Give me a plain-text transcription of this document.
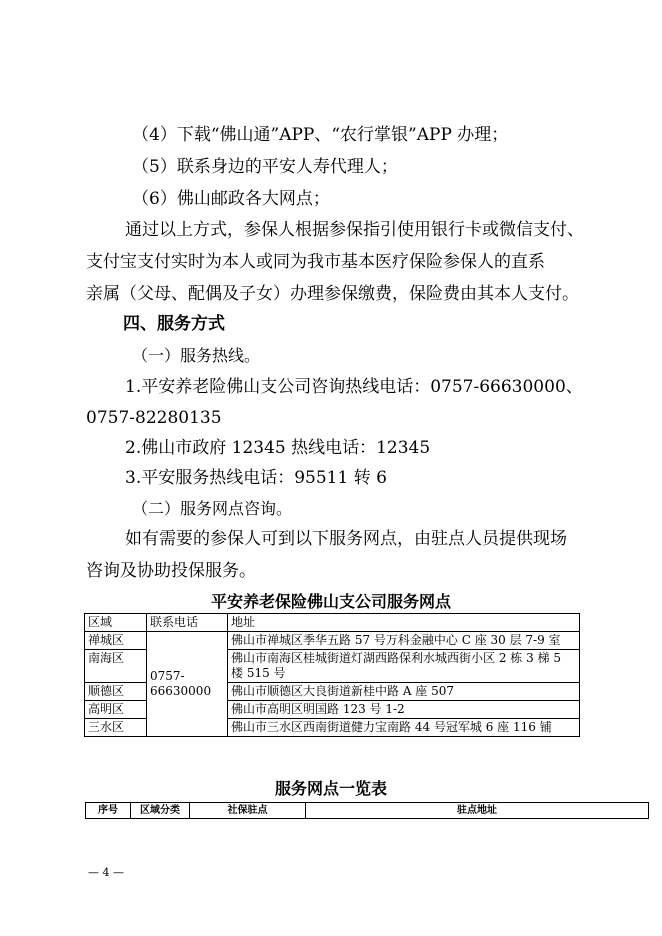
（4）下载“佛山通”APP、“农行掌银”APP 办理；
（5）联系身边的平安人寿代理人；
（6）佛山邮政各大网点；
通过以上方式，参保人根据参保指引使用银行卡或微信支付、
支付宝支付实时为本人或同为我市基本医疗保险参保人的直系
亲属（父母、配偶及子女）办理参保缴费，保险费由其本人支付。
四、服务方式
（一）服务热线。
1.平安养老险佛山支公司咨询热线电话：0757-66630000、
0757-82280135
2.佛山市政府 12345 热线电话：12345
3.平安服务热线电话：95511 转 6
（二）服务网点咨询。
如有需要的参保人可到以下服务网点，由驻点人员提供现场
咨询及协助投保服务。
平安养老保险佛山支公司服务网点
区域	联系电话	地址
禅城区	0757-66630000	佛山市禅城区季华五路 57 号万科金融中心 C 座 30 层 7-9 室
南海区		佛山市南海区桂城街道灯湖西路保利水城西街小区 2 栋 3 梯 5 楼 515 号
顺德区		佛山市顺德区大良街道新桂中路 A 座 507
高明区		佛山市高明区明国路 123 号 1-2
三水区		佛山市三水区西南街道健力宝南路 44 号冠军城 6 座 116 铺
服务网点一览表
序号	区域分类	社保驻点	驻点地址
— 4 —
